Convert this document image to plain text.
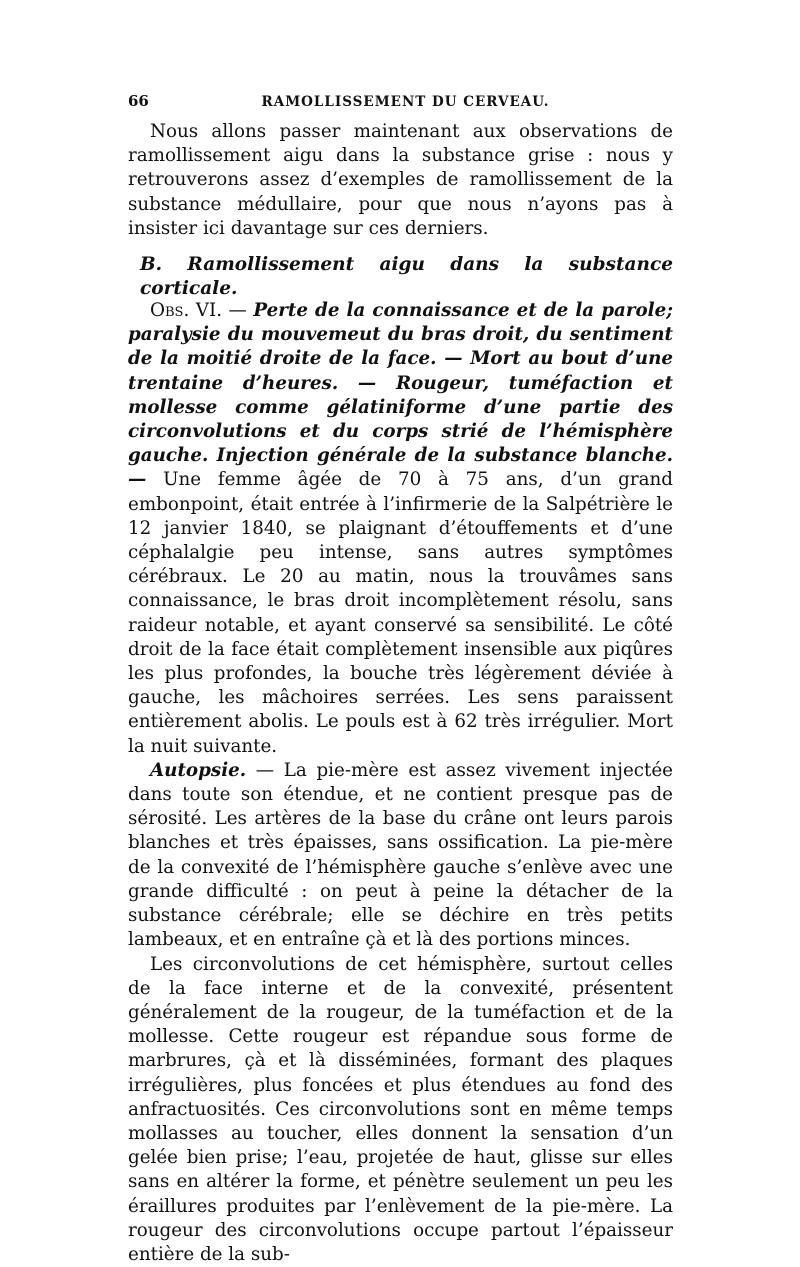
66	RAMOLLISSEMENT DU CERVEAU.

Nous allons passer maintenant aux observations de ramollissement aigu dans la substance grise : nous y retrouverons assez d’exemples de ramollissement de la substance médullaire, pour que nous n’ayons pas à insister ici davantage sur ces derniers.

B. Ramollissement aigu dans la substance corticale.

Obs. VI. — Perte de la connaissance et de la parole; paralysie du mouvemeut du bras droit, du sentiment de la moitié droite de la face. — Mort au bout d’une trentaine d’heures. — Rougeur, tuméfaction et mollesse comme gélatiniforme d’une partie des circonvolutions et du corps strié de l’hémisphère gauche. Injection générale de la substance blanche.— Une femme âgée de 70 à 75 ans, d’un grand embonpoint, était entrée à l’infirmerie de la Salpétrière le 12 janvier 1840, se plaignant d’étouffements et d’une céphalalgie peu intense, sans autres symptômes cérébraux. Le 20 au matin, nous la trouvâmes sans connaissance, le bras droit incomplètement résolu, sans raideur notable, et ayant conservé sa sensibilité. Le côté droit de la face était complètement insensible aux piqûres les plus profondes, la bouche très légèrement déviée à gauche, les mâchoires serrées. Les sens paraissent entièrement abolis. Le pouls est à 62 très irrégulier. Mort la nuit suivante.

Autopsie. — La pie-mère est assez vivement injectée dans toute son étendue, et ne contient presque pas de sérosité. Les artères de la base du crâne ont leurs parois blanches et très épaisses, sans ossification. La pie-mère de la convexité de l’hémisphère gauche s’enlève avec une grande difficulté : on peut à peine la détacher de la substance cérébrale; elle se déchire en très petits lambeaux, et en entraîne çà et là des portions minces.

Les circonvolutions de cet hémisphère, surtout celles de la face interne et de la convexité, présentent généralement de la rougeur, de la tuméfaction et de la mollesse. Cette rougeur est répandue sous forme de marbrures, çà et là disséminées, formant des plaques irrégulières, plus foncées et plus étendues au fond des anfractuosités. Ces circonvolutions sont en même temps mollasses au toucher, elles donnent la sensation d’un gelée bien prise; l’eau, projetée de haut, glisse sur elles sans en altérer la forme, et pénètre seulement un peu les éraillures produites par l’enlèvement de la pie-mère. La rougeur des circonvolutions occupe partout l’épaisseur entière de la sub-
